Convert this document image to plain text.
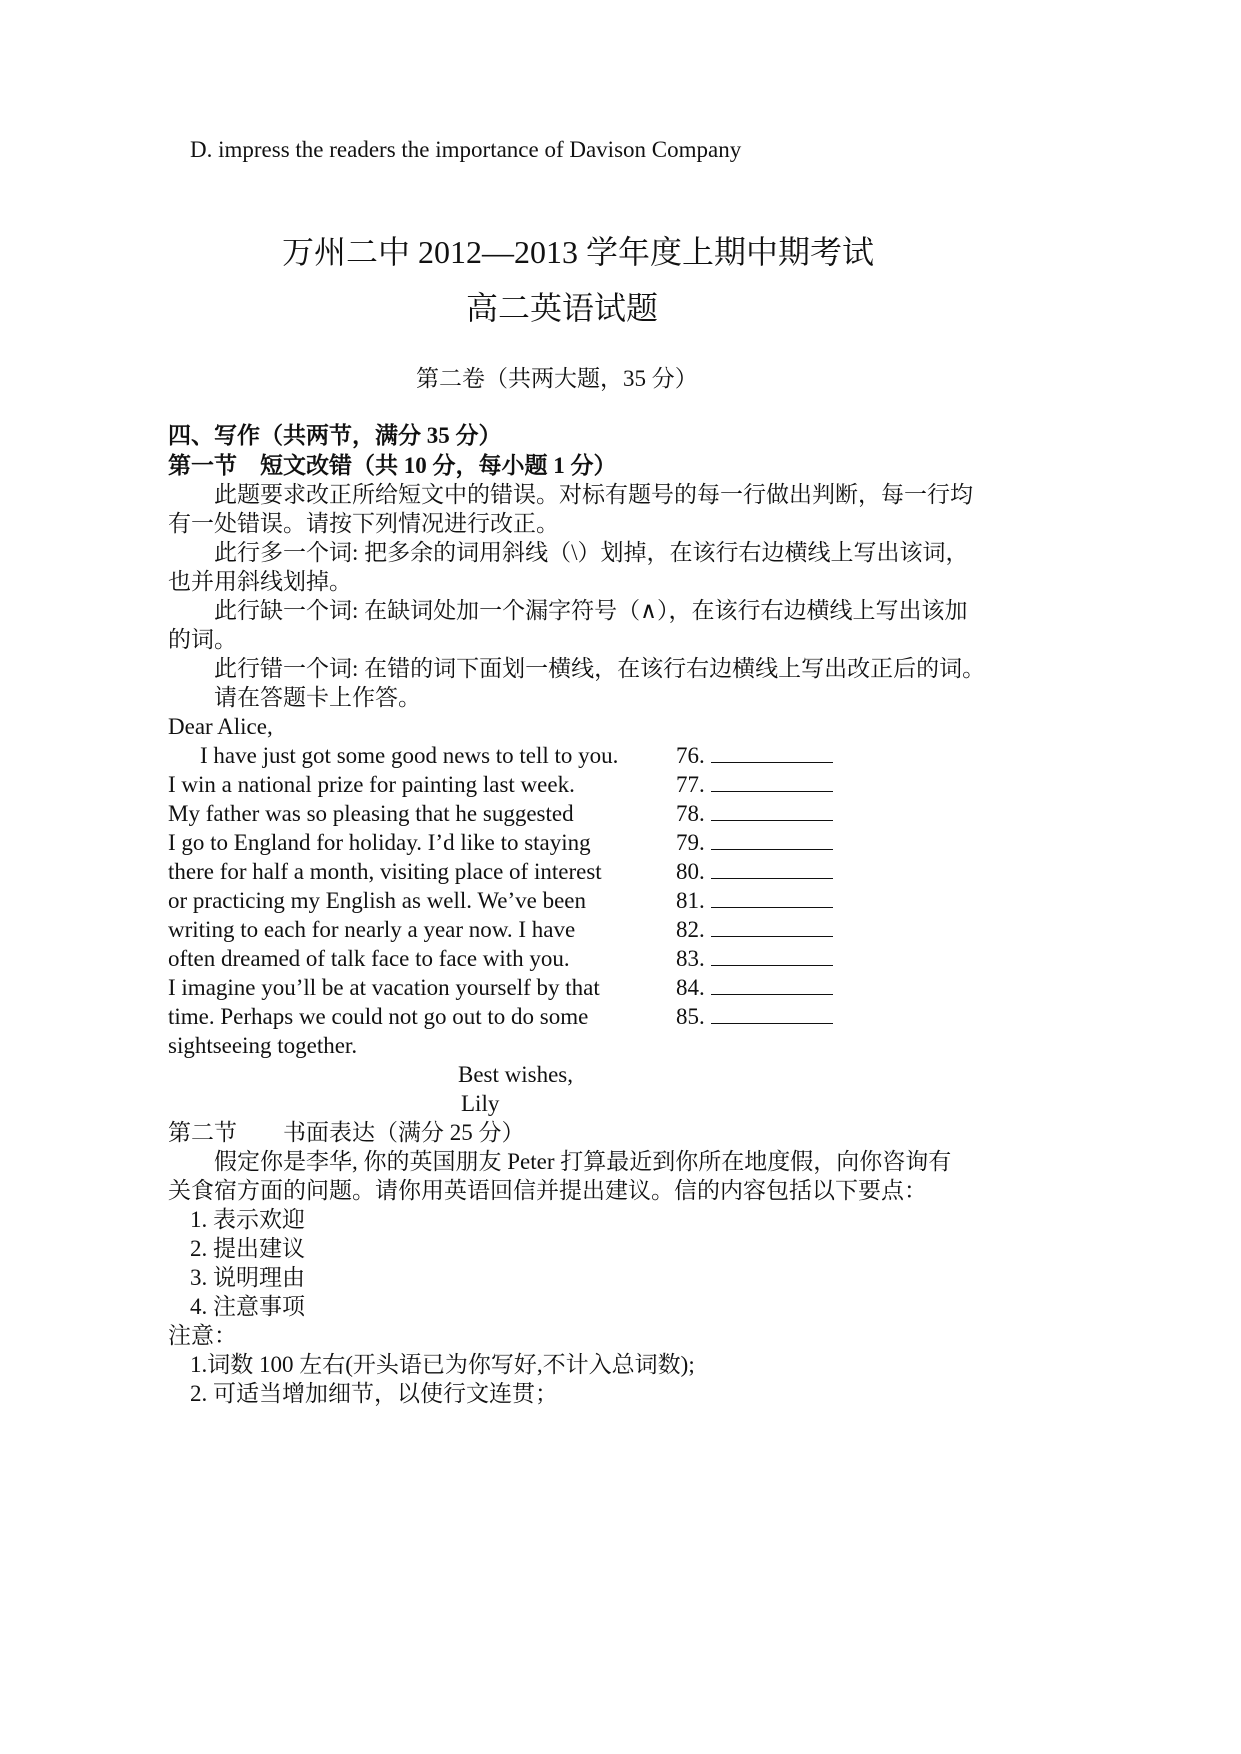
D. impress the readers the importance of Davison Company
万州二中 2012—2013 学年度上期中期考试
高二英语试题
第二卷（共两大题，35 分）
四、写作（共两节，满分 35 分）
第一节　短文改错（共 10 分，每小题 1 分）
此题要求改正所给短文中的错误。对标有题号的每一行做出判断，每一行均
有一处错误。请按下列情况进行改正。
此行多一个词: 把多余的词用斜线（\）划掉，在该行右边横线上写出该词，
也并用斜线划掉。
此行缺一个词: 在缺词处加一个漏字符号（∧），在该行右边横线上写出该加
的词。
此行错一个词: 在错的词下面划一横线，在该行右边横线上写出改正后的词。
请在答题卡上作答。
Dear Alice,
I have just got some good news to tell to you.
I win a national prize for painting last week.
My father was so pleasing that he suggested
I go to England for holiday. I’d like to staying
there for half a month, visiting place of interest
or practicing my English as well. We’ve been
writing to each for nearly a year now. I have
often dreamed of talk face to face with you.
I imagine you’ll be at vacation yourself by that
time. Perhaps we could not go out to do some
76.
77.
78.
79.
80.
81.
82.
83.
84.
85.
sightseeing together.
Best wishes,
Lily
第二节　　书面表达（满分 25 分）
假定你是李华, 你的英国朋友 Peter 打算最近到你所在地度假，向你咨询有
关食宿方面的问题。请你用英语回信并提出建议。信的内容包括以下要点：
1. 表示欢迎
2. 提出建议
3. 说明理由
4. 注意事项
注意：
1.词数 100 左右(开头语已为你写好,不计入总词数);
2. 可适当增加细节，以使行文连贯；
